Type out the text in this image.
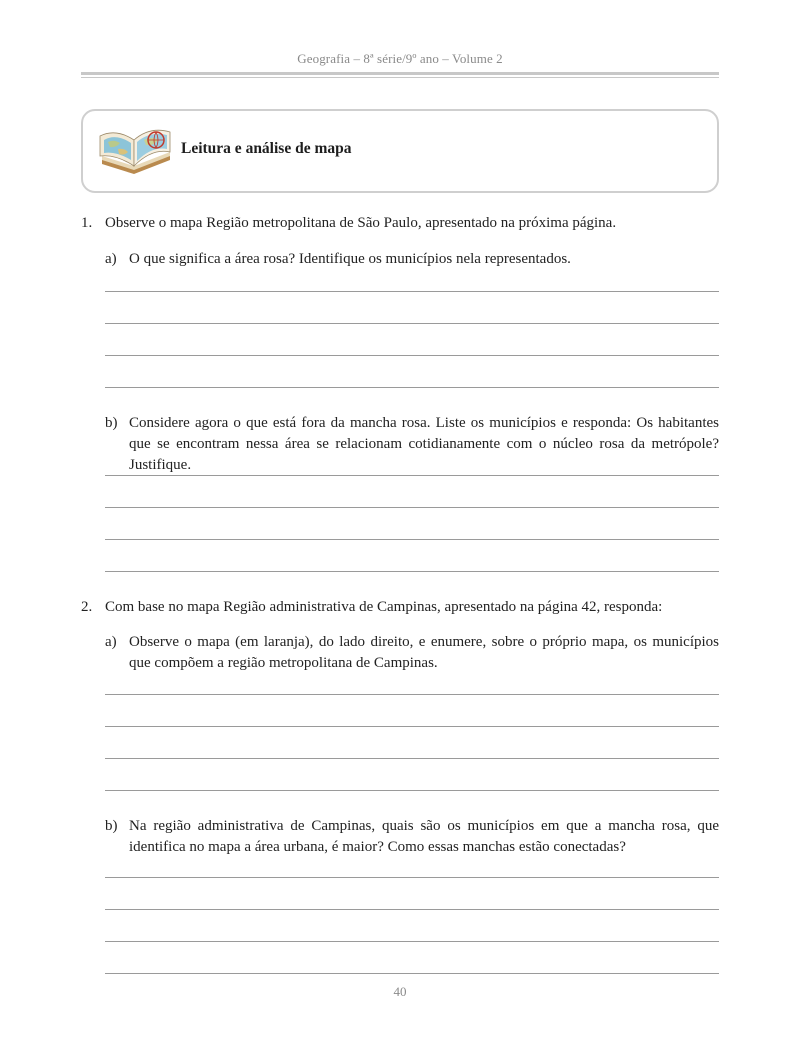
Geografia – 8ª série/9º ano – Volume 2
Leitura e análise de mapa
1. Observe o mapa Região metropolitana de São Paulo, apresentado na próxima página.
a) O que significa a área rosa? Identifique os municípios nela representados.
b) Considere agora o que está fora da mancha rosa. Liste os municípios e responda: Os habitantes que se encontram nessa área se relacionam cotidianamente com o núcleo rosa da metrópole? Justifique.
2. Com base no mapa Região administrativa de Campinas, apresentado na página 42, responda:
a) Observe o mapa (em laranja), do lado direito, e enumere, sobre o próprio mapa, os municípios que compõem a região metropolitana de Campinas.
b) Na região administrativa de Campinas, quais são os municípios em que a mancha rosa, que identifica no mapa a área urbana, é maior? Como essas manchas estão conectadas?
40
